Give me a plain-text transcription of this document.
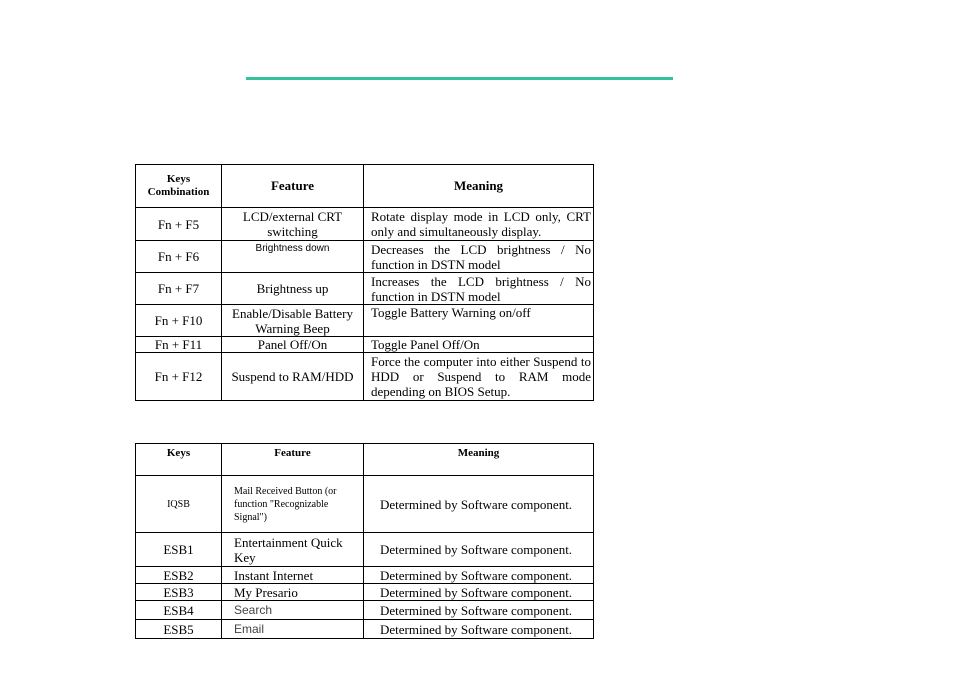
Keys Combination	Feature	Meaning
Fn + F5	LCD/external CRT switching	Rotate display mode in LCD only, CRT only and simultaneously display.
Fn + F6	Brightness down	Decreases the LCD brightness / No function in DSTN model
Fn + F7	Brightness up	Increases the LCD brightness / No function in DSTN model
Fn + F10	Enable/Disable Battery Warning Beep	Toggle Battery Warning on/off
Fn + F11	Panel Off/On	Toggle Panel Off/On
Fn + F12	Suspend to RAM/HDD	Force the computer into either Suspend to HDD or Suspend to RAM mode depending on BIOS Setup.
Keys	Feature	Meaning
IQSB	Mail Received Button (or function "Recognizable Signal")	Determined by Software component.
ESB1	Entertainment Quick Key	Determined by Software component.
ESB2	Instant Internet	Determined by Software component.
ESB3	My Presario	Determined by Software component.
ESB4	Search	Determined by Software component.
ESB5	Email	Determined by Software component.
